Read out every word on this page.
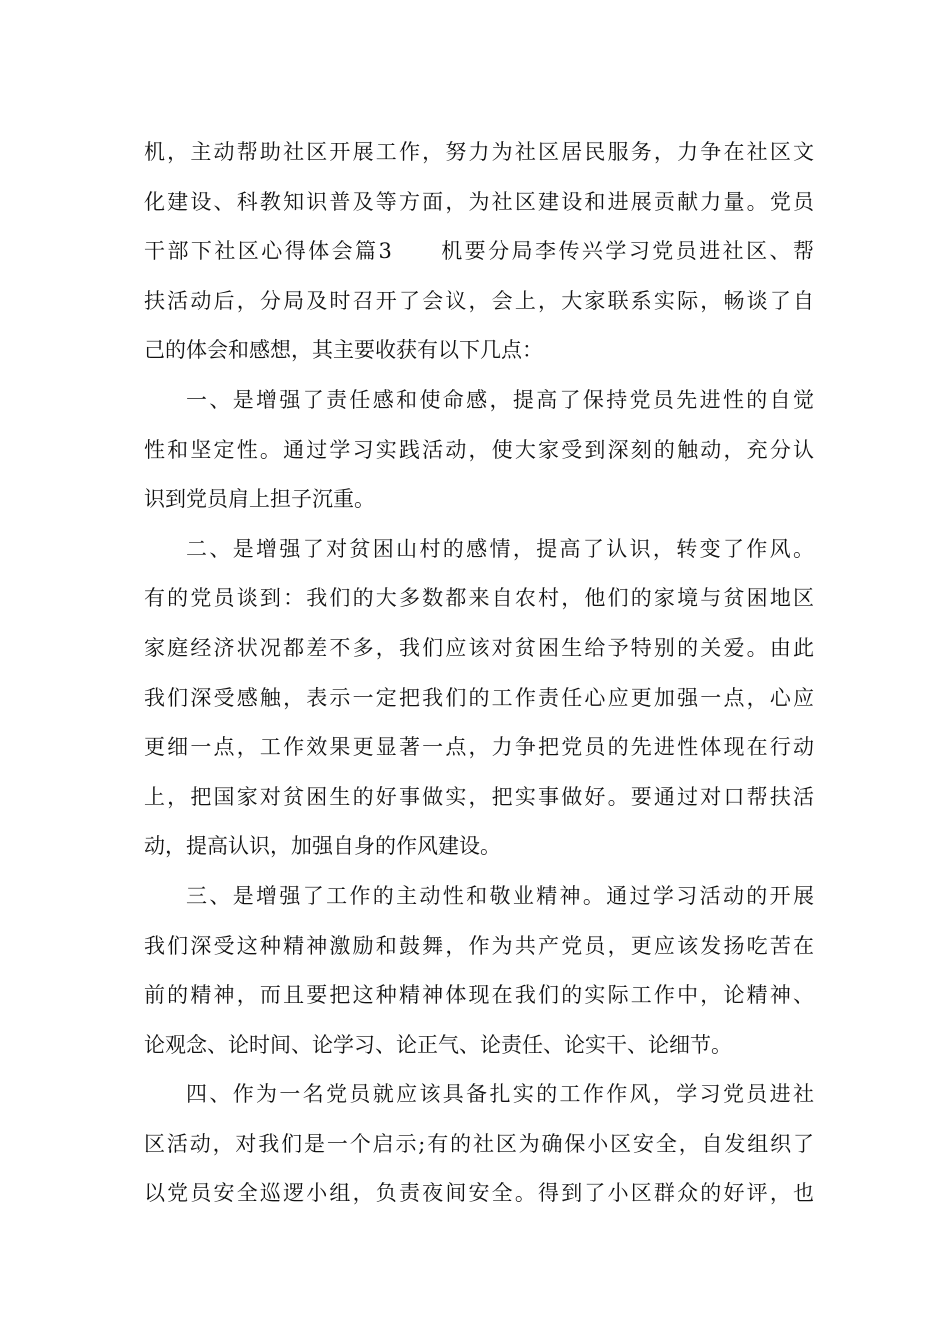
机，主动帮助社区开展工作，努力为社区居民服务，力争在社区文
化建设、科教知识普及等方面，为社区建设和进展贡献力量。党员
干部下社区心得体会篇3　　机要分局李传兴学习党员进社区、帮
扶活动后，分局及时召开了会议，会上，大家联系实际，畅谈了自
己的体会和感想，其主要收获有以下几点：
一、是增强了责任感和使命感，提高了保持党员先进性的自觉
性和坚定性。通过学习实践活动，使大家受到深刻的触动，充分认
识到党员肩上担子沉重。
二、是增强了对贫困山村的感情，提高了认识，转变了作风。
有的党员谈到：我们的大多数都来自农村，他们的家境与贫困地区
家庭经济状况都差不多，我们应该对贫困生给予特别的关爱。由此
我们深受感触，表示一定把我们的工作责任心应更加强一点，心应
更细一点，工作效果更显著一点，力争把党员的先进性体现在行动
上，把国家对贫困生的好事做实，把实事做好。要通过对口帮扶活
动，提高认识，加强自身的作风建设。
三、是增强了工作的主动性和敬业精神。通过学习活动的开展
我们深受这种精神激励和鼓舞，作为共产党员，更应该发扬吃苦在
前的精神，而且要把这种精神体现在我们的实际工作中，论精神、
论观念、论时间、论学习、论正气、论责任、论实干、论细节。
四、作为一名党员就应该具备扎实的工作作风，学习党员进社
区活动，对我们是一个启示;有的社区为确保小区安全，自发组织了
以党员安全巡逻小组，负责夜间安全。得到了小区群众的好评，也
